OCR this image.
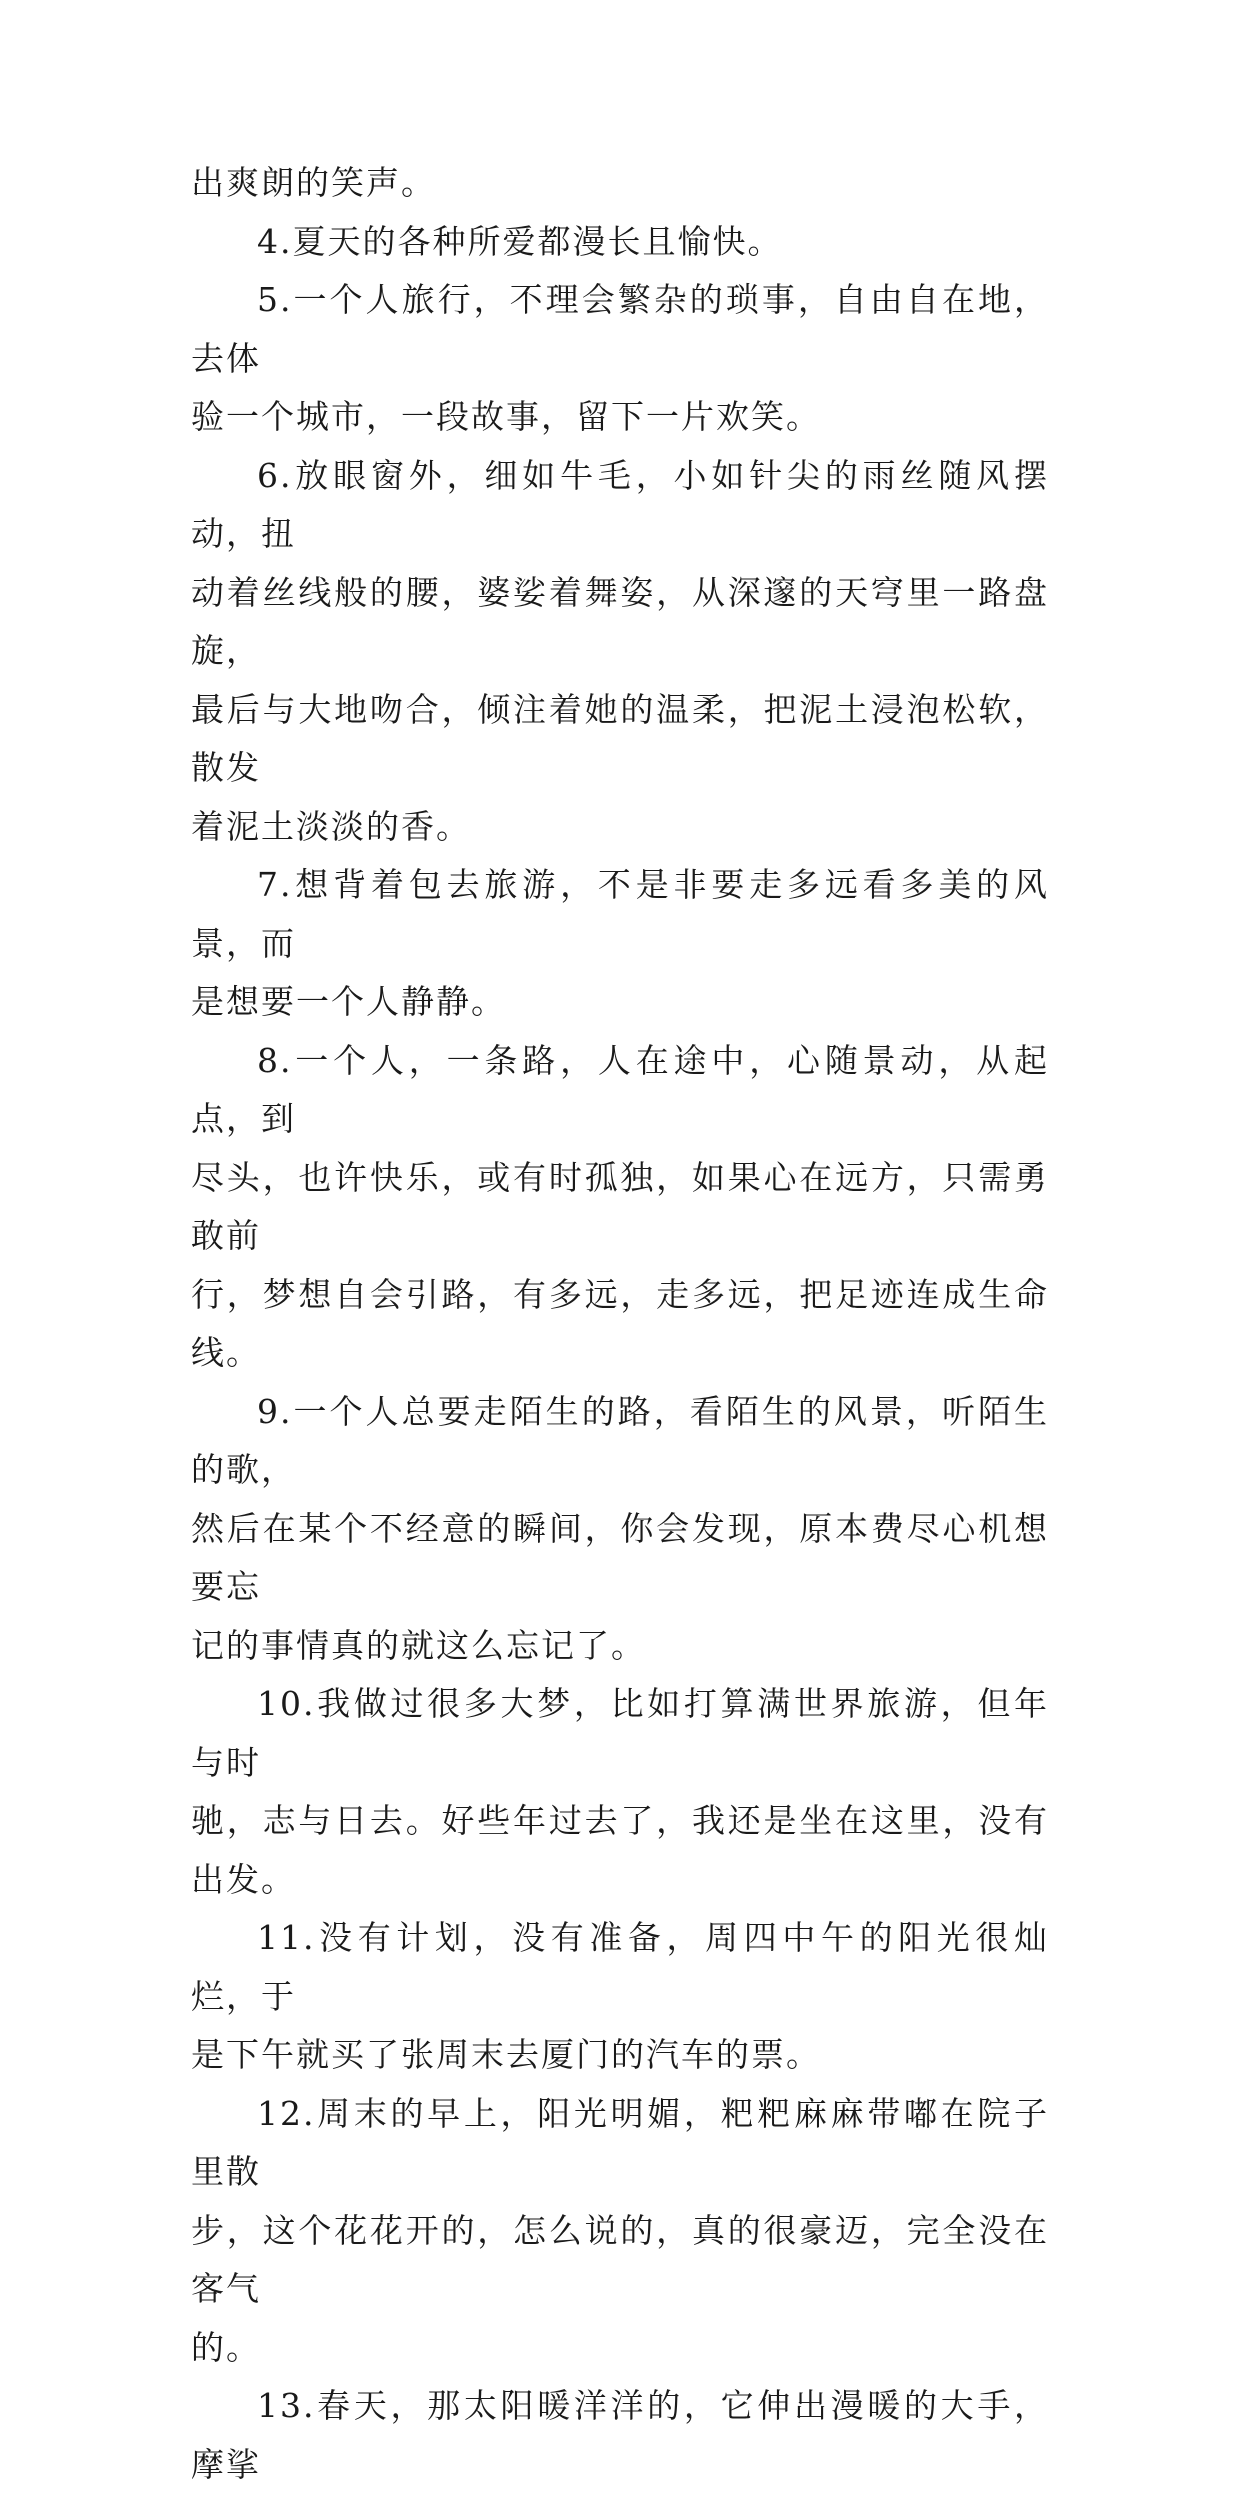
出爽朗的笑声。

4.夏天的各种所爱都漫长且愉快。

5.一个人旅行，不理会繁杂的琐事，自由自在地，去体
验一个城市，一段故事，留下一片欢笑。

6.放眼窗外，细如牛毛，小如针尖的雨丝随风摆动，扭
动着丝线般的腰，婆娑着舞姿，从深邃的天穹里一路盘旋，
最后与大地吻合，倾注着她的温柔，把泥土浸泡松软，散发
着泥土淡淡的香。

7.想背着包去旅游，不是非要走多远看多美的风景，而
是想要一个人静静。

8.一个人，一条路，人在途中，心随景动，从起点，到
尽头，也许快乐，或有时孤独，如果心在远方，只需勇敢前
行，梦想自会引路，有多远，走多远，把足迹连成生命线。

9.一个人总要走陌生的路，看陌生的风景，听陌生的歌，
然后在某个不经意的瞬间，你会发现，原本费尽心机想要忘
记的事情真的就这么忘记了。

10.我做过很多大梦，比如打算满世界旅游，但年与时
驰，志与日去。好些年过去了，我还是坐在这里，没有出发。

11.没有计划，没有准备，周四中午的阳光很灿烂，于
是下午就买了张周末去厦门的汽车的票。

12.周末的早上，阳光明媚，粑粑麻麻带嘟在院子里散
步，这个花花开的，怎么说的，真的很豪迈，完全没在客气
的。

13.春天，那太阳暖洋洋的，它伸出漫暖的大手，摩挲
